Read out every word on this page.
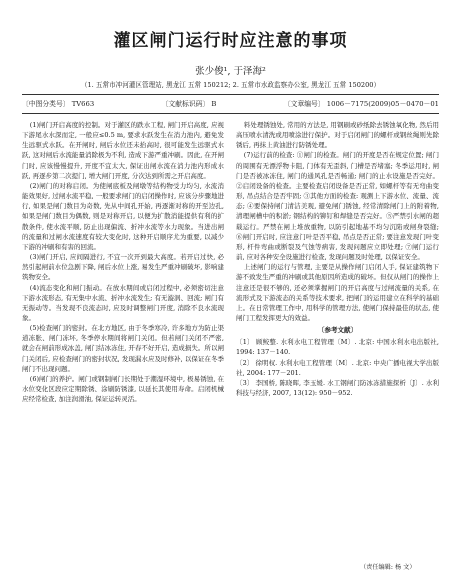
灌区闸门运行时应注意的事项
张少俊¹, 于泽海²
（1. 五常市冲河灌区管理站, 黑龙江 五常 150212; 2. 五常市水政监察办公室, 黑龙江 五常 150200）
〔中图分类号〕 TV663	〔文献标识码〕 B	〔文章编号〕 1006－7175(2009)05－0470－01

(1)闸门开启高度的控制。对于灌区的跌水工程, 闸门开启高度, 应视下游尾水水深而定, 一般应≤0.5 m, 要求水跃发生在消力池内, 避免发生远驱式水跃。在开闸时, 闸后水位还未抬高时, 很可能发生远驱式水跃, 这对闸后水流能量消除极为不利, 造成下游严重冲刷。因此, 在开闸门时, 应该慢慢提升, 开度不宜太大, 保证出闸水流在消力池内形成水跃, 再逐步第二次提门, 增大闸门开度, 分次达到所需之开启高度。

(2)闸门的对称启闭。为使闸底板及闸墩等结构物受力均匀, 水流消能效果好, 过闸水流平稳, 一般要求闸门的启闭操作时, 应该分步骤地进行, 如果是闸门数目为奇数, 先从中间孔开始, 再逐渐对称的开至边孔, 如果是闸门数目为偶数, 则是对称开启, 以便为扩散消能提供有利的扩散条件, 使水流平顺, 防止出现偏流、折冲水流等水力现象。当进出闸的流量和过闸水流速度有较大变化时, 这种开启顺序尤为重要, 以减少下游的冲刷和有害的回流。

(3)闸门开启, 应间隔进行, 不宜一次开到最大高度。若开启过快, 必然引起闸前水位急剧下降, 闸后水位上涨, 易发生严重冲刷破坏, 影响建筑物安全。

(4)流态变化和闸门振动。在放水期间或启闭过程中, 必须密切注意下游水流形态, 有无集中水流、折冲水流发生; 有无漩涡、回流; 闸门有无振动等。当发现不良流态时, 应及时调整闸门开度, 消除不良水流现象。

(5)检查闸门的密封。在北方地区, 由于冬季寒冷, 许多地方为防止渠道冻胀、闸门冻坏, 冬季停水期间将闸门关闭。但若闸门关闭不严密, 就会在闸前形成冰盖, 闸门结冰冻住, 开春不好开启, 造成损失。所以闸门关闭后, 应检查闸门的密封状况, 发现漏水应及时修补, 以保证在冬季闸门不出现问题。

(6)闸门的养护。闸门或钢制闸门长期处于潮湿环境中, 极易锈蚀, 在水位变化区段应定期除锈、涂刷防锈漆, 以延长其使用寿命。启闭机械应经常检查, 加注润滑油, 保证运转灵活。

料处理锈蚀处, 常用的方法是, 用钢刷或砂纸除去锈蚀氧化物, 然后用高压喷水清洗或用喷涂进行保护。对于启闭闸门的螺杆或钢丝绳则先除锈后, 再抹上黄油进行防锈处理。

(7)运行前的检查: ①闸门的检查。闸门的开度是否在规定位置; 闸门的周围有无漂浮物卡阻, 门体有无歪斜, 门槽是否堵塞; 冬季运用时, 闸门是否被冰冻住, 闸门的通风孔是否畅通; 闸门的止水设施是否完好。②启闭设备的检查。主要检查启闭设备是否正常, 如螺杆等有无弯曲变形, 吊点结合是否牢固; ③其他方面的检查: 观测上下游水位、流量、流态; ④要保持闸门清洁美观, 避免闸门锈蚀, 经常清除闸门上的附着物, 清理闸槽中的积淤; 钢结构的铆钉和焊缝是否完好。⑤严禁引水闸的超载运行。严禁在闸上堆放重物, 以防引起地基不均匀沉陷或闸身裂缝; ⑥闸门开启时, 应注意门叶是否平稳, 吊点是否正常; 要注意发现门叶变形, 杆件弯曲或断裂及气蚀等病害, 发现问题应立即处理; ⑦闸门运行前, 应对各种安全设施进行检查, 发现问题及时处理, 以保证安全。

上述闸门的运行与管理, 主要是从操作闸门启闭人手, 保证建筑物下游不致发生严重的冲刷或其他原因所造成的破坏。但仅从闸门的操作上注意还是很不够的, 还必须掌握闸门的开启高度与过闸流量的关系, 在流形式及下游流态的关系等技术要求, 把闸门的运用建立在科学的基础上。在日常管理工作中, 用科学的管理方法, 使闸门保持最佳的状态, 使闸门工程发挥更大的效益。

〔参考文献〕
〔1〕 顾鲛整. 水利水电工程管理〔M〕. 北京: 中国水利水电出版社, 1994: 137－140.
〔2〕 徐明权. 水利水电工程管理〔M〕. 北京: 中央广播电视大学出版社, 2004: 177－201.
〔3〕 李国桥, 陈晓晖, 李玉媛. 水工钢闸门防冰冻措施探析〔J〕. 水利科技与经济, 2007, 13(12): 950－952.
（责任编辑: 杨 文）
